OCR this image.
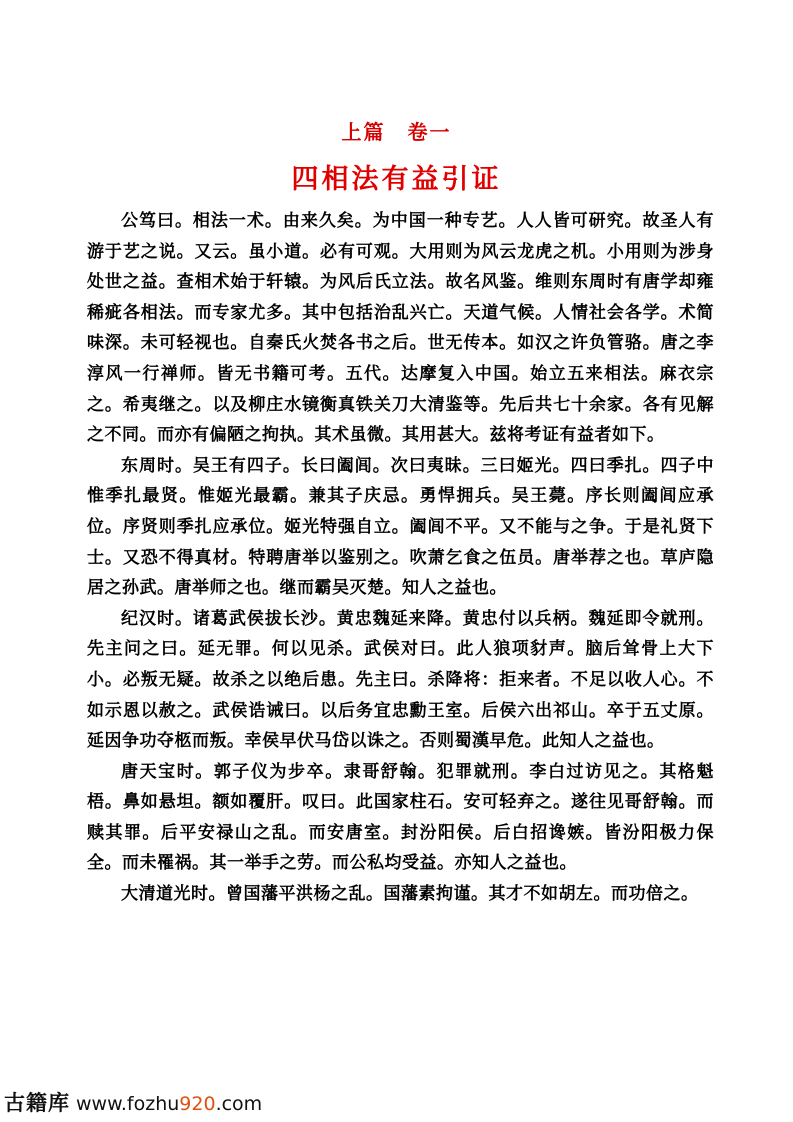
上篇　卷一
四相法有益引证

公笃曰。相法一术。由来久矣。为中国一种专艺。人人皆可研究。故圣人有游于艺之说。又云。虽小道。必有可观。大用则为风云龙虎之机。小用则为涉身处世之益。查相术始于轩辕。为风后氏立法。故名风鉴。维则东周时有唐学却雍稀疵各相法。而专家尤多。其中包括治乱兴亡。天道气候。人情社会各学。术简味深。未可轻视也。自秦氏火焚各书之后。世无传本。如汉之许负管骆。唐之李淳风一行禅师。皆无书籍可考。五代。达摩复入中国。始立五来相法。麻衣宗之。希夷继之。以及柳庄水镜衡真铁关刀大清鉴等。先后共七十余家。各有见解之不同。而亦有偏陋之拘执。其术虽微。其用甚大。兹将考证有益者如下。

东周时。吴王有四子。长曰阖闾。次曰夷昧。三曰姬光。四曰季扎。四子中惟季扎最贤。惟姬光最霸。兼其子庆忌。勇悍拥兵。吴王薨。序长则阖闾应承位。序贤则季扎应承位。姬光特强自立。阖闾不平。又不能与之争。于是礼贤下士。又恐不得真材。特聘唐举以鉴别之。吹萧乞食之伍员。唐举荐之也。草庐隐居之孙武。唐举师之也。继而霸吴灭楚。知人之益也。

纪汉时。诸葛武侯拔长沙。黄忠魏延来降。黄忠付以兵柄。魏延即令就刑。先主问之曰。延无罪。何以见杀。武侯对曰。此人狼项豺声。脑后耸骨上大下小。必叛无疑。故杀之以绝后患。先主曰。杀降将：拒来者。不足以收人心。不如示恩以赦之。武侯诰诫曰。以后务宜忠勳王室。后侯六出祁山。卒于五丈原。延因争功夺柩而叛。幸侯早伏马岱以诛之。否则蜀漢早危。此知人之益也。

唐天宝时。郭子仪为步卒。隶哥舒翰。犯罪就刑。李白过访见之。其格魁梧。鼻如悬坦。额如覆肝。叹曰。此国家柱石。安可轻弃之。遂往见哥舒翰。而赎其罪。后平安禄山之乱。而安唐室。封汾阳侯。后白招谗嫉。皆汾阳极力保全。而未罹祸。其一举手之劳。而公私均受益。亦知人之益也。

大清道光时。曾国藩平洪杨之乱。国藩素拘谨。其才不如胡左。而功倍之。

古籍库 www.fozhu920.com
